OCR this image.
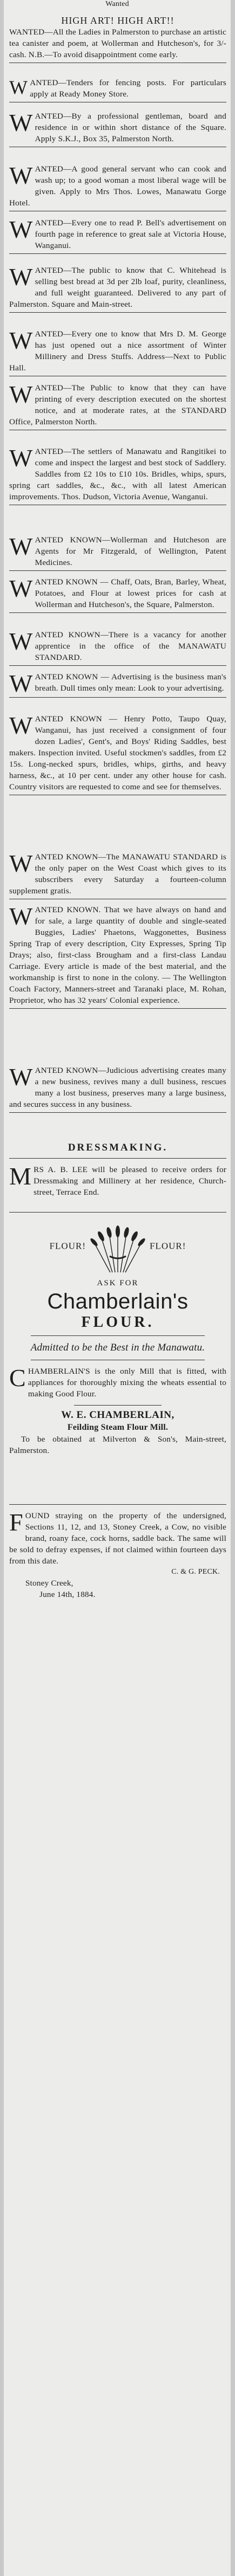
Wanted
HIGH ART! HIGH ART!!
WANTED—All the Ladies in Palmerston to purchase an artistic tea canister and poem, at Wollerman and Hutcheson's, for 3/- cash. N.B.—To avoid disappointment come early.
WANTED—Tenders for fencing posts. For particulars apply at Ready Money Store.
WANTED—By a professional gentleman, board and residence in or within short distance of the Square. Apply S.K.J., Box 35, Palmerston North.
WANTED—A good general servant who can cook and wash up; to a good woman a most liberal wage will be given. Apply to Mrs Thos. Lowes, Manawatu Gorge Hotel.
WANTED—Every one to read P. Bell's advertisement on fourth page in reference to great sale at Victoria House, Wanganui.
WANTED—The public to know that C. Whitehead is selling best bread at 3d per 2lb loaf, purity, cleanliness, and full weight guaranteed. Delivered to any part of Palmerston. Square and Main-street.
WANTED—Every one to know that Mrs D. M. George has just opened out a nice assortment of Winter Millinery and Dress Stuffs. Address—Next to Public Hall.
WANTED—The Public to know that they can have printing of every description executed on the shortest notice, and at moderate rates, at the STANDARD Office, Palmerston North.
WANTED—The settlers of Manawatu and Rangitikei to come and inspect the largest and best stock of Saddlery. Saddles from £2 10s to £10 10s. Bridles, whips, spurs, spring cart saddles, &c., &c., with all latest American improvements. Thos. Dudson, Victoria Avenue, Wanganui.
WANTED KNOWN—Wollerman and Hutcheson are Agents for Mr Fitzgerald, of Wellington, Patent Medicines.
WANTED KNOWN — Chaff, Oats, Bran, Barley, Wheat, Potatoes, and Flour at lowest prices for cash at Wollerman and Hutcheson's, the Square, Palmerston.
WANTED KNOWN—There is a vacancy for another apprentice in the office of the MANAWATU STANDARD.
WANTED KNOWN — Advertising is the business man's breath. Dull times only mean: Look to your advertising.
WANTED KNOWN — Henry Potto, Taupo Quay, Wanganui, has just received a consignment of four dozen Ladies', Gent's, and Boys' Riding Saddles, best makers. Inspection invited. Useful stockmen's saddles, from £2 15s. Long-necked spurs, bridles, whips, girths, and heavy harness, &c., at 10 per cent. under any other house for cash. Country visitors are requested to come and see for themselves.
WANTED KNOWN—The MANAWATU STANDARD is the only paper on the West Coast which gives to its subscribers every Saturday a fourteen-column supplement gratis.
WANTED KNOWN. That we have always on hand and for sale, a large quantity of double and single-seated Buggies, Ladies' Phaetons, Waggonettes, Business Spring Trap of every description, City Expresses, Spring Tip Drays; also, first-class Brougham and a first-class Landau Carriage. Every article is made of the best material, and the workmanship is first to none in the colony. — The Wellington Coach Factory, Manners-street and Taranaki place, M. Rohan, Proprietor, who has 32 years' Colonial experience.
WANTED KNOWN—Judicious advertising creates many a new business, revives many a dull business, rescues many a lost business, preserves many a large business, and secures success in any business.
DRESSMAKING.
MRS A. B. LEE will be pleased to receive orders for Dressmaking and Millinery at her residence, Church-street, Terrace End.
FLOUR!	FLOUR!
ASK FOR
Chamberlain's
FLOUR.
Admitted to be the Best in the Manawatu.
CHAMBERLAIN'S is the only Mill that is fitted, with appliances for thoroughly mixing the wheats essential to making Good Flour.
W. E. CHAMBERLAIN,
Feilding Steam Flour Mill.
To be obtained at Milverton & Son's, Main-street, Palmerston.
FOUND straying on the property of the undersigned, Sections 11, 12, and 13, Stoney Creek, a Cow, no visible brand, roany face, cock horns, saddle back. The same will be sold to defray expenses, if not claimed within fourteen days from this date.
C. & G. PECK.
Stoney Creek,
June 14th, 1884.
